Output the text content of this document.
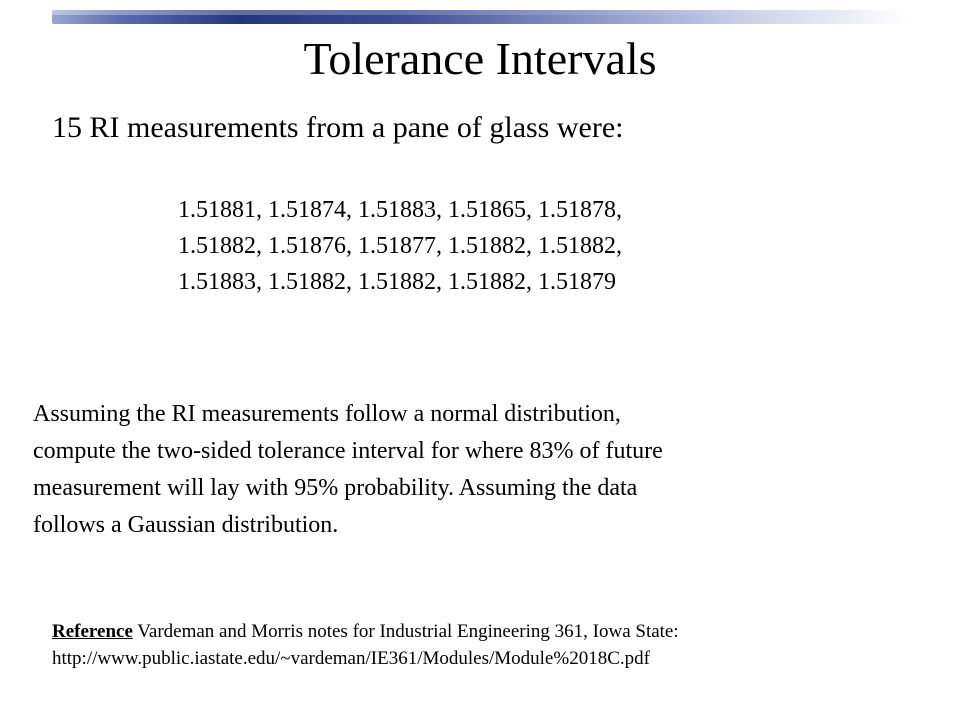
Tolerance Intervals

15 RI measurements from a pane of glass were:

1.51881, 1.51874, 1.51883, 1.51865, 1.51878,
1.51882, 1.51876, 1.51877, 1.51882, 1.51882,
1.51883, 1.51882, 1.51882, 1.51882, 1.51879
Assuming the RI measurements follow a normal distribution,
compute the two-sided tolerance interval for where 83% of future
measurement will lay with 95% probability. Assuming the data
follows a Gaussian distribution.
Reference Vardeman and Morris notes for Industrial Engineering 361, Iowa State:
http://www.public.iastate.edu/~vardeman/IE361/Modules/Module%2018C.pdf
